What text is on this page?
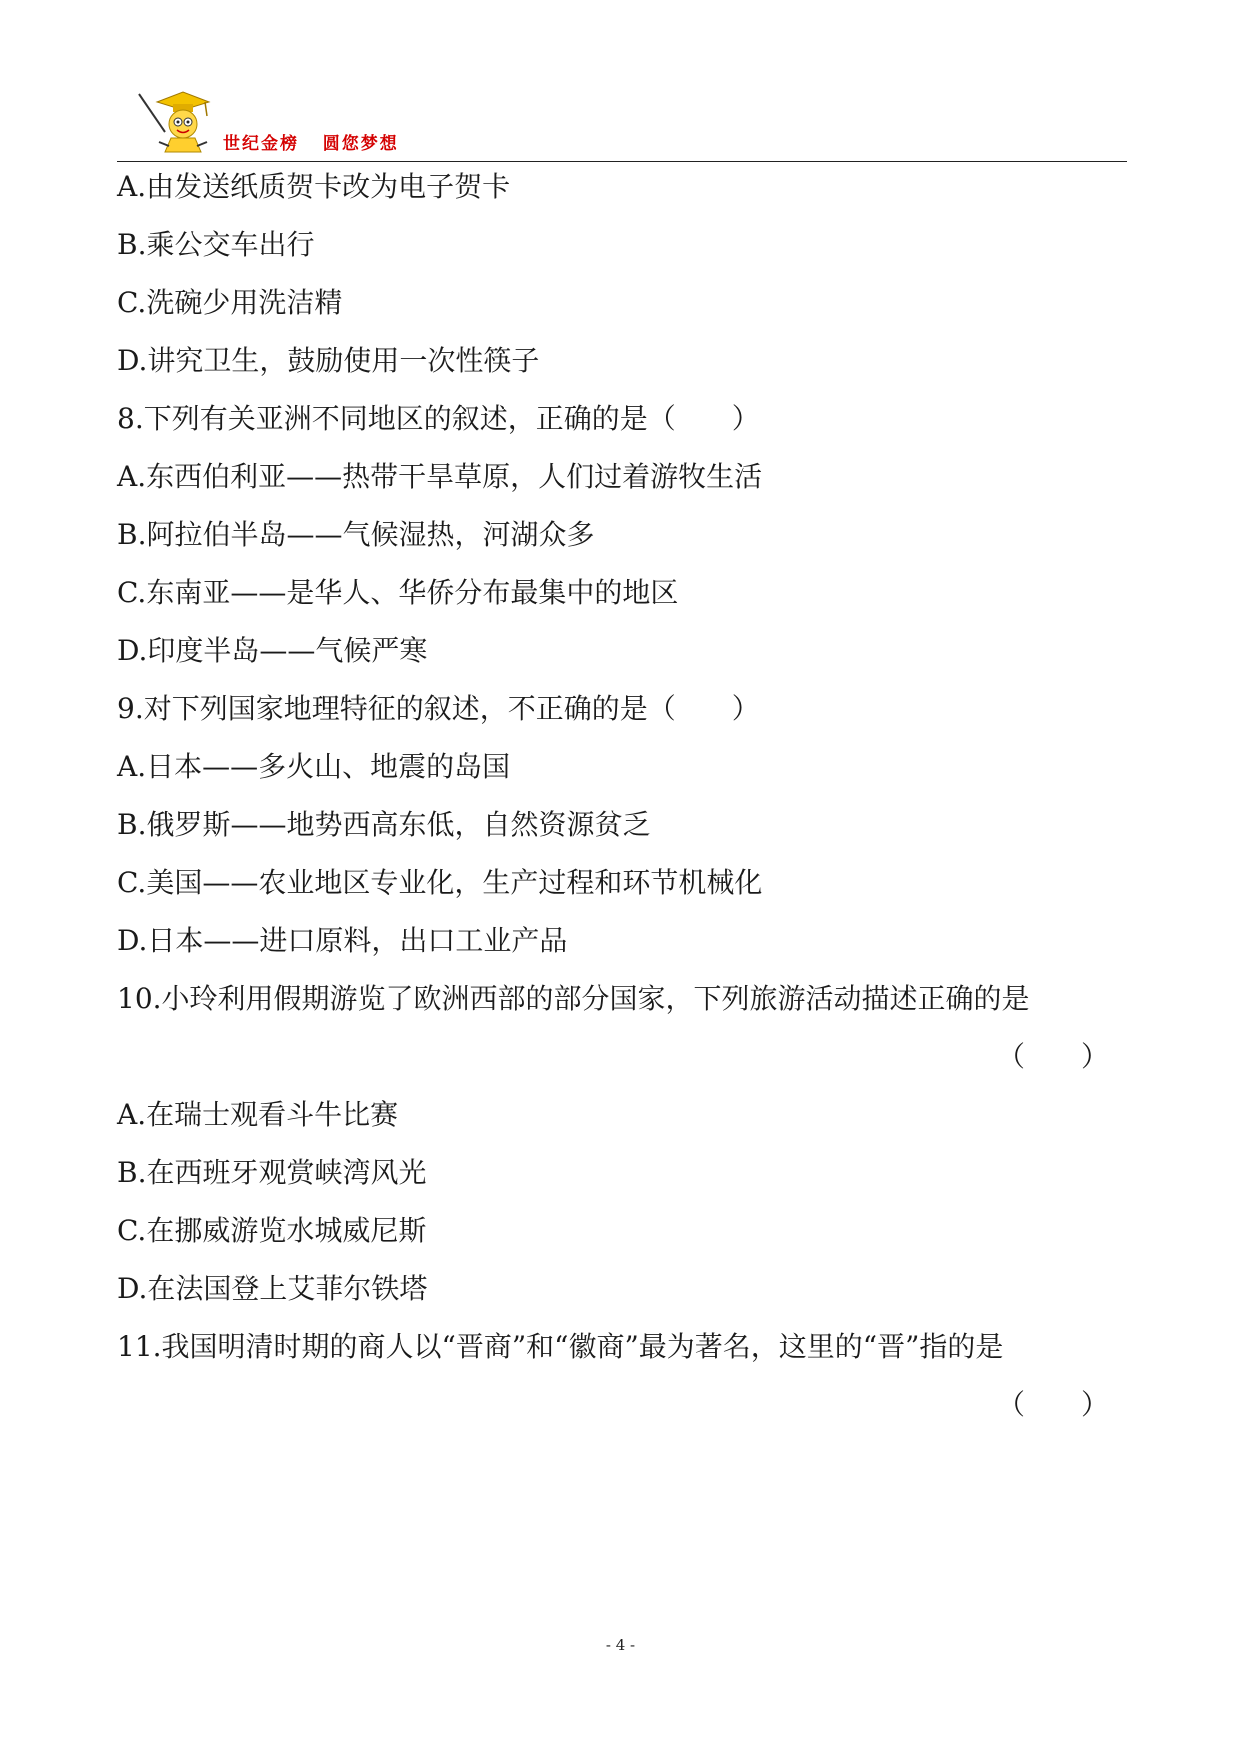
世纪金榜   圆您梦想
A.由发送纸质贺卡改为电子贺卡
B.乘公交车出行
C.洗碗少用洗洁精
D.讲究卫生，鼓励使用一次性筷子
8.下列有关亚洲不同地区的叙述，正确的是（　　）
A.东西伯利亚——热带干旱草原，人们过着游牧生活
B.阿拉伯半岛——气候湿热，河湖众多
C.东南亚——是华人、华侨分布最集中的地区
D.印度半岛——气候严寒
9.对下列国家地理特征的叙述，不正确的是（　　）
A.日本——多火山、地震的岛国
B.俄罗斯——地势西高东低，自然资源贫乏
C.美国——农业地区专业化，生产过程和环节机械化
D.日本——进口原料，出口工业产品
10.小玲利用假期游览了欧洲西部的部分国家，下列旅游活动描述正确的是
（　　）
A.在瑞士观看斗牛比赛
B.在西班牙观赏峡湾风光
C.在挪威游览水城威尼斯
D.在法国登上艾菲尔铁塔
11.我国明清时期的商人以“晋商”和“徽商”最为著名，这里的“晋”指的是
（　　）
- 4 -
